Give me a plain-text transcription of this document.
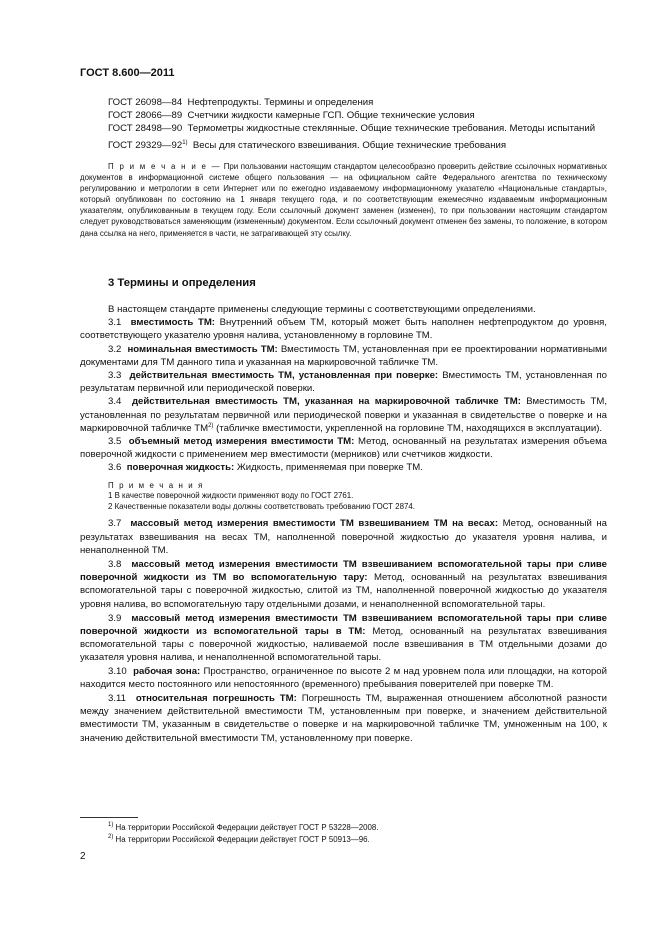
ГОСТ 8.600—2011

ГОСТ 26098—84 Нефтепродукты. Термины и определения

ГОСТ 28066—89 Счетчики жидкости камерные ГСП. Общие технические условия

ГОСТ 28498—90 Термометры жидкостные стеклянные. Общие технические требования. Методы испытаний

ГОСТ 29329—92$^{1)}$ Весы для статического взвешивания. Общие технические требования

П р и м е ч а н и е — При пользовании настоящим стандартом целесообразно проверить действие ссылочных нормативных документов в информационной системе общего пользования — на официальном сайте Федерального агентства по техническому регулированию и метрологии в сети Интернет или по ежегодно издаваемому информационному указателю «Национальные стандарты», который опубликован по состоянию на 1 января текущего года, и по соответствующим ежемесячно издаваемым информационным указателям, опубликованным в текущем году. Если ссылочный документ заменен (изменен), то при пользовании настоящим стандартом следует руководствоваться заменяющим (измененным) документом. Если ссылочный документ отменен без замены, то положение, в котором дана ссылка на него, применяется в части, не затрагивающей эту ссылку.

3 Термины и определения

В настоящем стандарте применены следующие термины с соответствующими определениями.

3.1 вместимость ТМ: Внутренний объем ТМ, который может быть наполнен нефтепродуктом до уровня, соответствующего указателю уровня налива, установленному в горловине ТМ.

3.2 номинальная вместимость ТМ: Вместимость ТМ, установленная при ее проектировании нормативными документами для ТМ данного типа и указанная на маркировочной табличке ТМ.

3.3 действительная вместимость ТМ, установленная при поверке: Вместимость ТМ, установленная по результатам первичной или периодической поверки.

3.4 действительная вместимость ТМ, указанная на маркировочной табличке ТМ: Вместимость ТМ, установленная по результатам первичной или периодической поверки и указанная в свидетельстве о поверке и на маркировочной табличке ТМ$^{2)}$ (табличке вместимости, укрепленной на горловине ТМ, находящихся в эксплуатации).

3.5 объемный метод измерения вместимости ТМ: Метод, основанный на результатах измерения объема поверочной жидкости с применением мер вместимости (мерников) или счетчиков жидкости.

3.6 поверочная жидкость: Жидкость, применяемая при поверке ТМ.

П р и м е ч а н и я
1 В качестве поверочной жидкости применяют воду по ГОСТ 2761.
2 Качественные показатели воды должны соответствовать требованию ГОСТ 2874.

3.7 массовый метод измерения вместимости ТМ взвешиванием ТМ на весах: Метод, основанный на результатах взвешивания на весах ТМ, наполненной поверочной жидкостью до указателя уровня налива, и ненаполненной ТМ.

3.8 массовый метод измерения вместимости ТМ взвешиванием вспомогательной тары при сливе поверочной жидкости из ТМ во вспомогательную тару: Метод, основанный на результатах взвешивания вспомогательной тары с поверочной жидкостью, слитой из ТМ, наполненной поверочной жидкостью до указателя уровня налива, во вспомогательную тару отдельными дозами, и ненаполненной вспомогательной тары.

3.9 массовый метод измерения вместимости ТМ взвешиванием вспомогательной тары при сливе поверочной жидкости из вспомогательной тары в ТМ: Метод, основанный на результатах взвешивания вспомогательной тары с поверочной жидкостью, наливаемой после взвешивания в ТМ отдельными дозами до указателя уровня налива, и ненаполненной вспомогательной тары.

3.10 рабочая зона: Пространство, ограниченное по высоте 2 м над уровнем пола или площадки, на которой находится место постоянного или непостоянного (временного) пребывания поверителей при поверке ТМ.

3.11 относительная погрешность ТМ: Погрешность ТМ, выраженная отношением абсолютной разности между значением действительной вместимости ТМ, установленным при поверке, и значением действительной вместимости ТМ, указанным в свидетельстве о поверке и на маркировочной табличке ТМ, умноженным на 100, к значению действительной вместимости ТМ, установленному при поверке.

$^{1)}$ На территории Российской Федерации действует ГОСТ Р 53228—2008.
$^{2)}$ На территории Российской Федерации действует ГОСТ Р 50913—96.
2
